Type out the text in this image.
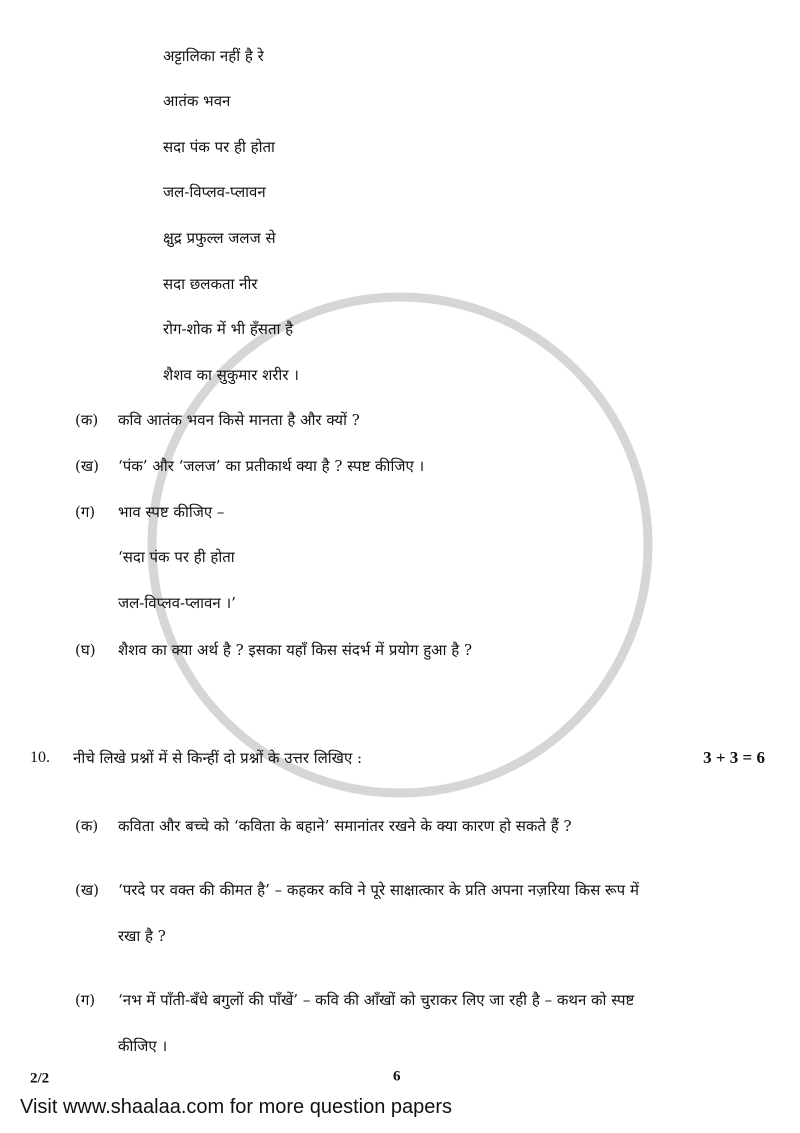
अट्टालिका नहीं है रे
आतंक भवन
सदा पंक पर ही होता
जल-विप्लव-प्लावन
क्षुद्र प्रफुल्ल जलज से
सदा छलकता नीर
रोग-शोक में भी हँसता है
शैशव का सुकुमार शरीर ।
(क) कवि आतंक भवन किसे मानता है और क्यों ?
(ख) ‘पंक’ और ‘जलज’ का प्रतीकार्थ क्या है ? स्पष्ट कीजिए ।
(ग) भाव स्पष्ट कीजिए –
‘सदा पंक पर ही होता
जल-विप्लव-प्लावन ।’
(घ) शैशव का क्या अर्थ है ? इसका यहाँ किस संदर्भ में प्रयोग हुआ है ?
10. नीचे लिखे प्रश्नों में से किन्हीं दो प्रश्नों के उत्तर लिखिए :	3 + 3 = 6
(क) कविता और बच्चे को ‘कविता के बहाने’ समानांतर रखने के क्या कारण हो सकते हैं ?
(ख) ‘परदे पर वक्त की कीमत है’ – कहकर कवि ने पूरे साक्षात्कार के प्रति अपना नज़रिया किस रूप में
रखा है ?
(ग) ‘नभ में पाँती-बँधे बगुलों की पाँखें’ – कवि की आँखों को चुराकर लिए जा रही है – कथन को स्पष्ट
कीजिए ।
2/2	6
Visit www.shaalaa.com for more question papers
